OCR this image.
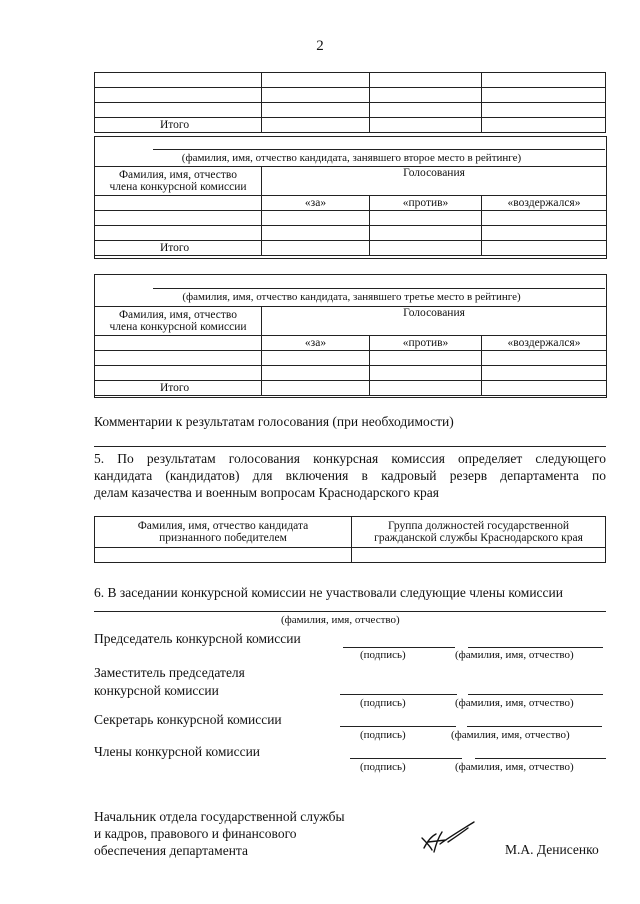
2

Итого			
(фамилия, имя, отчество кандидата, занявшего второе место в рейтинге)
Фамилия, имя, отчество
члена конкурсной комиссии	Голосования		

	«за»	«против»	«воздержался»

Итого			
(фамилия, имя, отчество кандидата, занявшего третье место в рейтинге)
Фамилия, имя, отчество
члена конкурсной комиссии	Голосования		

	«за»	«против»	«воздержался»

Итого			
Комментарии к результатам голосования (при необходимости)
5. По результатам голосования конкурсная комиссия определяет следующего
кандидата (кандидатов) для включения в кадровый резерв департамента по
делам казачества и военным вопросам Краснодарского края
Фамилия, имя, отчество кандидата
признанного победителем	Группа должностей государственной
гражданской службы Краснодарского края

6. В заседании конкурсной комиссии не участвовали следующие члены комиссии
(фамилия, имя, отчество)
Председатель конкурсной комиссии
(подпись)	(фамилия, имя, отчество)
Заместитель председателя
конкурсной комиссии
(подпись)	(фамилия, имя, отчество)
Секретарь конкурсной комиссии
(подпись)	(фамилия, имя, отчество)
Члены конкурсной комиссии
(подпись)	(фамилия, имя, отчество)
Начальник отдела государственной службы
и кадров, правового и финансового
обеспечения департамента	М.А. Денисенко
